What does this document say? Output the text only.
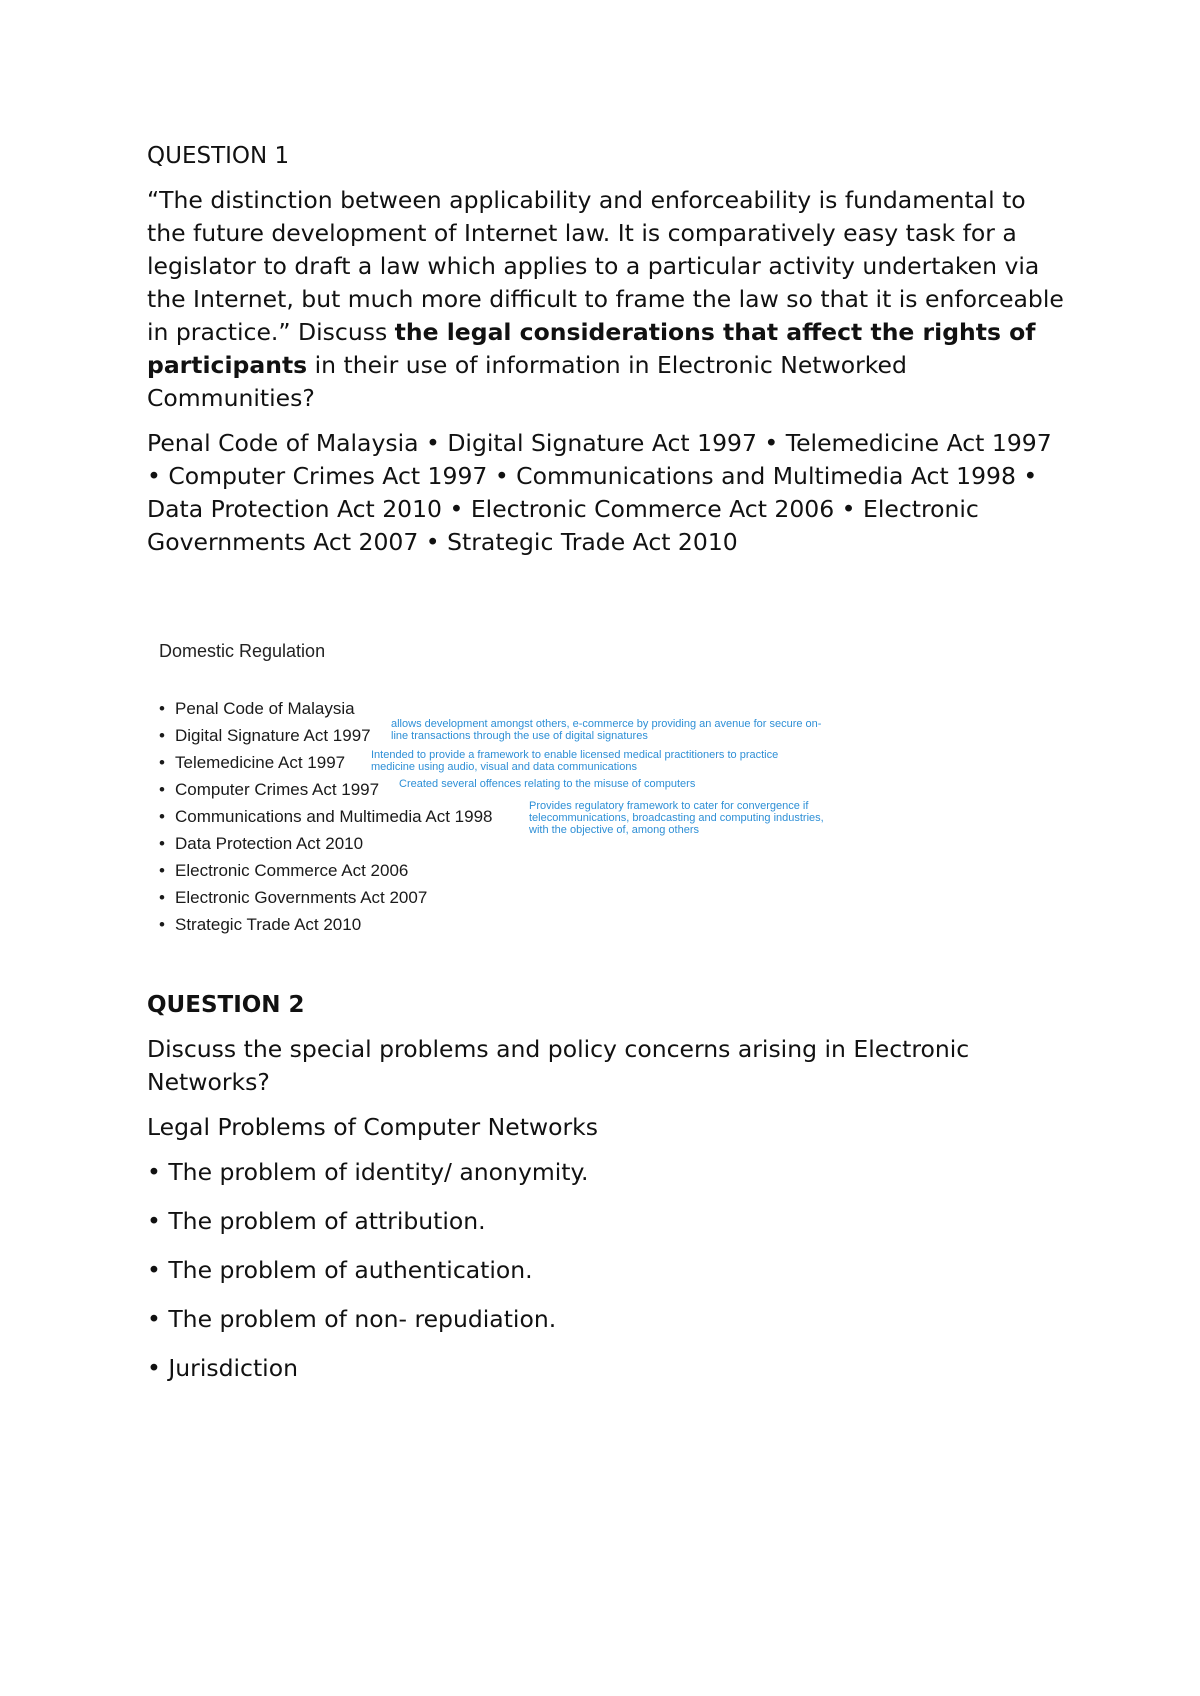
QUESTION 1

“The distinction between applicability and enforceability is fundamental to the future development of Internet law. It is comparatively easy task for a legislator to draft a law which applies to a particular activity undertaken via the Internet, but much more difficult to frame the law so that it is enforceable in practice.” Discuss the legal considerations that affect the rights of participants in their use of information in Electronic Networked Communities?

Penal Code of Malaysia • Digital Signature Act 1997 • Telemedicine Act 1997 • Computer Crimes Act 1997 • Communications and Multimedia Act 1998 • Data Protection Act 2010 • Electronic Commerce Act 2006 • Electronic Governments Act 2007 • Strategic Trade Act 2010

Domestic Regulation
• Penal Code of Malaysia
• Digital Signature Act 1997
• Telemedicine Act 1997
• Computer Crimes Act 1997
• Communications and Multimedia Act 1998
• Data Protection Act 2010
• Electronic Commerce Act 2006
• Electronic Governments Act 2007
• Strategic Trade Act 2010
allows development amongst others, e-commerce by providing an avenue for secure on-line transactions through the use of digital signatures
Intended to provide a framework to enable licensed medical practitioners to practice medicine using audio, visual and data communications
Created several offences relating to the misuse of computers
Provides regulatory framework to cater for convergence if telecommunications, broadcasting and computing industries, with the objective of, among others
QUESTION 2

Discuss the special problems and policy concerns arising in Electronic Networks?

Legal Problems of Computer Networks

• The problem of identity/ anonymity.

• The problem of attribution.

• The problem of authentication.

• The problem of non- repudiation.

• Jurisdiction
